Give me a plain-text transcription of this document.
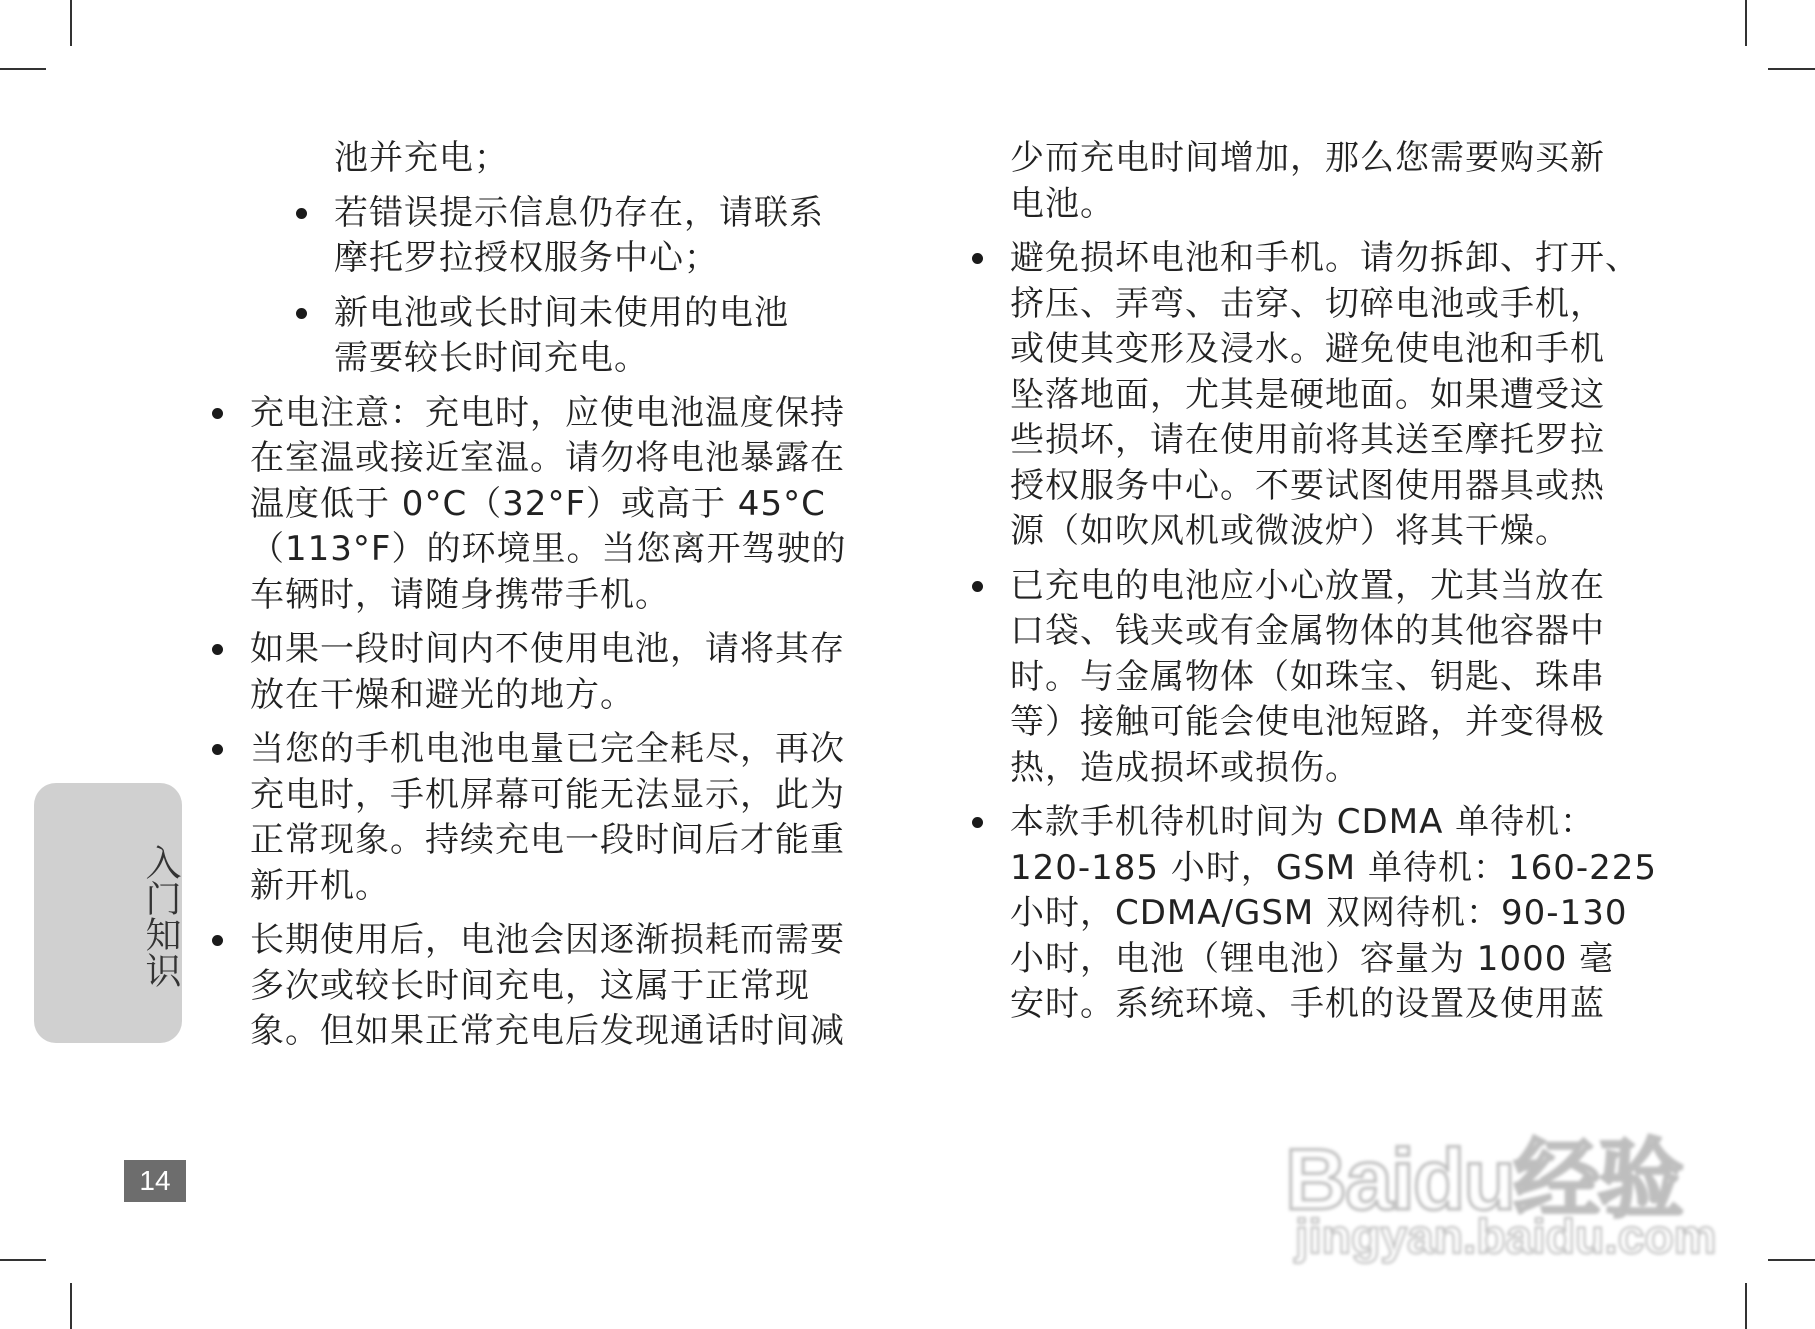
池并充电；
若错误提示信息仍存在，请联系
摩托罗拉授权服务中心；
新电池或长时间未使用的电池
需要较长时间充电。
充电注意：充电时，应使电池温度保持
在室温或接近室温。请勿将电池暴露在
温度低于 0°C（32°F）或高于 45°C
（113°F）的环境里。当您离开驾驶的
车辆时，请随身携带手机。
如果一段时间内不使用电池，请将其存
放在干燥和避光的地方。
当您的手机电池电量已完全耗尽，再次
充电时，手机屏幕可能无法显示，此为
正常现象。持续充电一段时间后才能重
新开机。
长期使用后，电池会因逐渐损耗而需要
多次或较长时间充电，这属于正常现
象。但如果正常充电后发现通话时间减
少而充电时间增加，那么您需要购买新
电池。
避免损坏电池和手机。请勿拆卸、打开、
挤压、弄弯、击穿、切碎电池或手机，
或使其变形及浸水。避免使电池和手机
坠落地面，尤其是硬地面。如果遭受这
些损坏，请在使用前将其送至摩托罗拉
授权服务中心。不要试图使用器具或热
源（如吹风机或微波炉）将其干燥。
已充电的电池应小心放置，尤其当放在
口袋、钱夹或有金属物体的其他容器中
时。与金属物体（如珠宝、钥匙、珠串
等）接触可能会使电池短路，并变得极
热，造成损坏或损伤。
本款手机待机时间为 CDMA 单待机：
120-185 小时，GSM 单待机：160-225
小时，CDMA/GSM 双网待机：90-130
小时，电池（锂电池）容量为 1000 毫
安时。系统环境、手机的设置及使用蓝
入门知识
14	Baidu经验
jingyan.baidu.com
